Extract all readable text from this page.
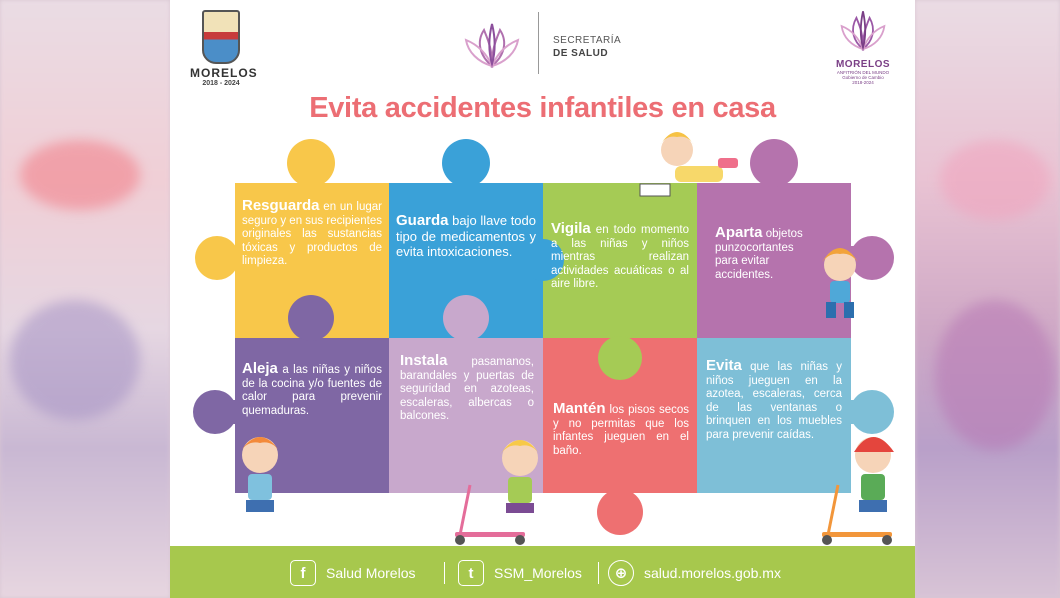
MORELOS
2018 - 2024
SECRETARÍA
DE SALUD
MORELOS
ANFITRIÓN DEL MUNDO
Gobierno de Cambio
2018-2024
Evita accidentes infantiles en casa
Resguarda en un lugar seguro y en sus recipientes originales las sustancias tóxicas y productos de limpieza.
Guarda bajo llave todo tipo de medicamentos y evita intoxicaciones.
Vigila en todo momento a las niñas y niños mientras realizan actividades acuáticas o al aire libre.
Aparta objetos punzocortantes para evitar accidentes.
Aleja a las niñas y niños de la cocina y/o fuentes de calor para prevenir quemaduras.
Instala pasamanos, barandales y puertas de seguridad en azoteas, escaleras, albercas o balcones.	Mantén los pisos secos y no permitas que los infantes jueguen en el baño.
Evita que las niñas y niños jueguen en la azotea, escaleras, cerca de las ventanas o brinquen en los muebles para prevenir caídas.
f	Salud Morelos	t	SSM_Morelos	⊕	salud.morelos.gob.mx
